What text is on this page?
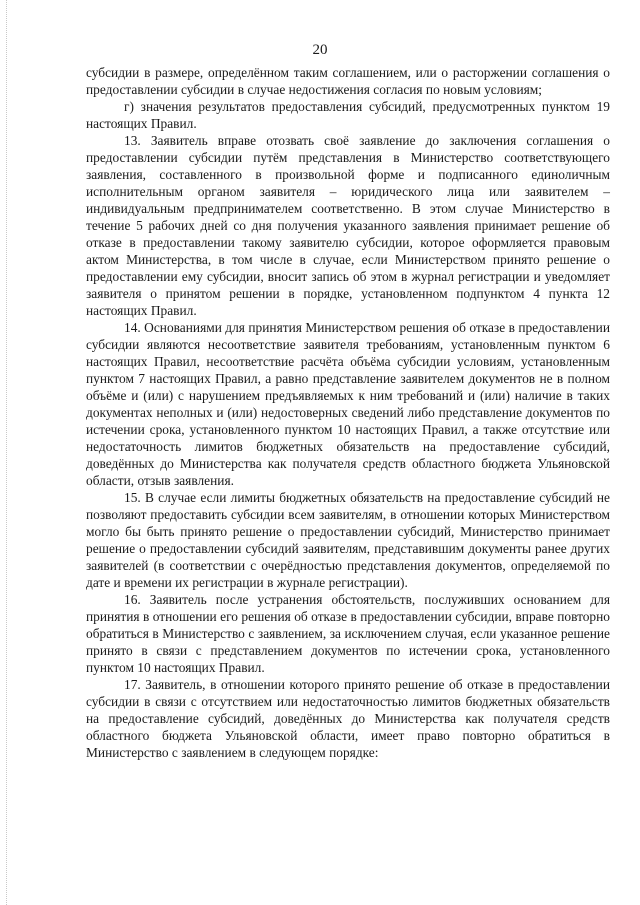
20

субсидии в размере, определённом таким соглашением, или о расторжении соглашения о предоставлении субсидии в случае недостижения согласия по новым условиям;

г) значения результатов предоставления субсидий, предусмотренных пунктом 19 настоящих Правил.

13. Заявитель вправе отозвать своё заявление до заключения соглашения о предоставлении субсидии путём представления в Министерство соответствующего заявления, составленного в произвольной форме и подписанного единоличным исполнительным органом заявителя – юридического лица или заявителем – индивидуальным предпринимателем соответственно. В этом случае Министерство в течение 5 рабочих дней со дня получения указанного заявления принимает решение об отказе в предоставлении такому заявителю субсидии, которое оформляется правовым актом Министерства, в том числе в случае, если Министерством принято решение о предоставлении ему субсидии, вносит запись об этом в журнал регистрации и уведомляет заявителя о принятом решении в порядке, установленном подпунктом 4 пункта 12 настоящих Правил.

14. Основаниями для принятия Министерством решения об отказе в предоставлении субсидии являются несоответствие заявителя требованиям, установленным пунктом 6 настоящих Правил, несоответствие расчёта объёма субсидии условиям, установленным пунктом 7 настоящих Правил, а равно представление заявителем документов не в полном объёме и (или) с нарушением предъявляемых к ним требований и (или) наличие в таких документах неполных и (или) недостоверных сведений либо представление документов по истечении срока, установленного пунктом 10 настоящих Правил, а также отсутствие или недостаточность лимитов бюджетных обязательств на предоставление субсидий, доведённых до Министерства как получателя средств областного бюджета Ульяновской области, отзыв заявления.

15. В случае если лимиты бюджетных обязательств на предоставление субсидий не позволяют предоставить субсидии всем заявителям, в отношении которых Министерством могло бы быть принято решение о предоставлении субсидий, Министерство принимает решение о предоставлении субсидий заявителям, представившим документы ранее других заявителей (в соответствии с очерёдностью представления документов, определяемой по дате и времени их регистрации в журнале регистрации).

16. Заявитель после устранения обстоятельств, послуживших основанием для принятия в отношении его решения об отказе в предоставлении субсидии, вправе повторно обратиться в Министерство с заявлением, за исключением случая, если указанное решение принято в связи с представлением документов по истечении срока, установленного пунктом 10 настоящих Правил.

17. Заявитель, в отношении которого принято решение об отказе в предоставлении субсидии в связи с отсутствием или недостаточностью лимитов бюджетных обязательств на предоставление субсидий, доведённых до Министерства как получателя средств областного бюджета Ульяновской области, имеет право повторно обратиться в Министерство с заявлением в следующем порядке:
